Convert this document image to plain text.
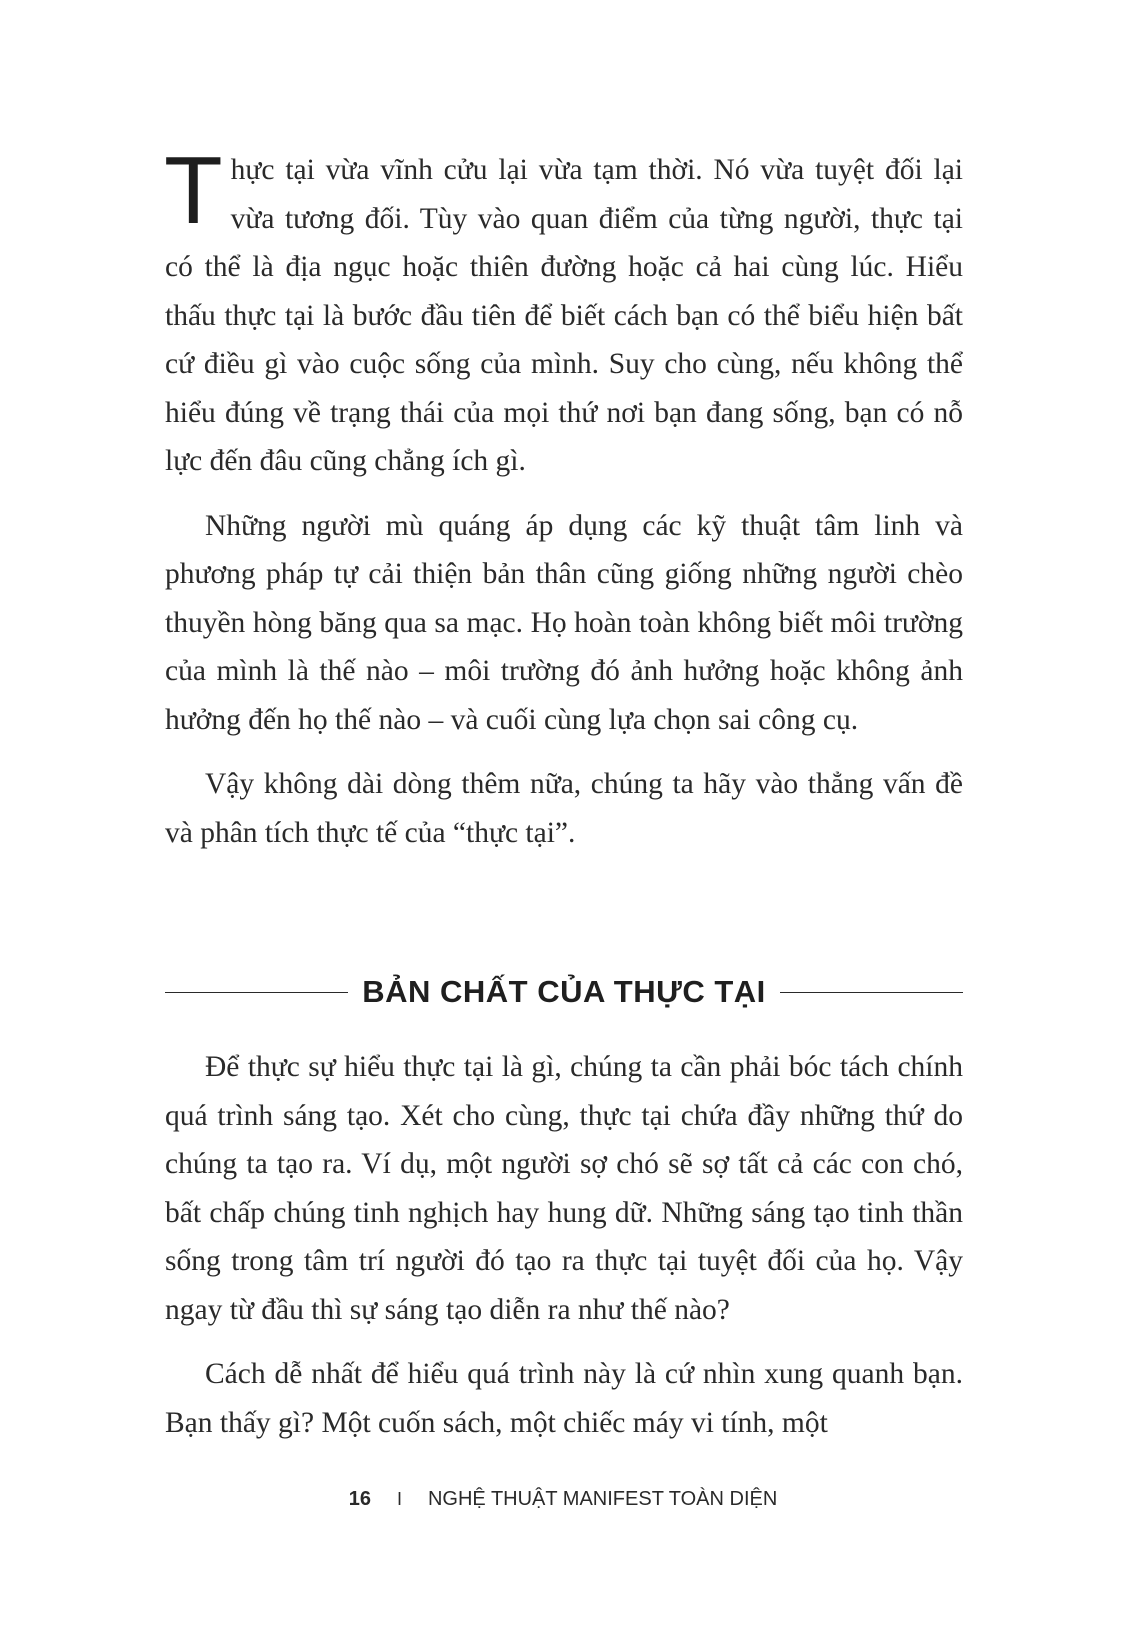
Thực tại vừa vĩnh cửu lại vừa tạm thời. Nó vừa tuyệt đối lại vừa tương đối. Tùy vào quan điểm của từng người, thực tại có thể là địa ngục hoặc thiên đường hoặc cả hai cùng lúc. Hiểu thấu thực tại là bước đầu tiên để biết cách bạn có thể biểu hiện bất cứ điều gì vào cuộc sống của mình. Suy cho cùng, nếu không thể hiểu đúng về trạng thái của mọi thứ nơi bạn đang sống, bạn có nỗ lực đến đâu cũng chẳng ích gì.

Những người mù quáng áp dụng các kỹ thuật tâm linh và phương pháp tự cải thiện bản thân cũng giống những người chèo thuyền hòng băng qua sa mạc. Họ hoàn toàn không biết môi trường của mình là thế nào – môi trường đó ảnh hưởng hoặc không ảnh hưởng đến họ thế nào – và cuối cùng lựa chọn sai công cụ.

Vậy không dài dòng thêm nữa, chúng ta hãy vào thẳng vấn đề và phân tích thực tế của “thực tại”.

BẢN CHẤT CỦA THỰC TẠI

Để thực sự hiểu thực tại là gì, chúng ta cần phải bóc tách chính quá trình sáng tạo. Xét cho cùng, thực tại chứa đầy những thứ do chúng ta tạo ra. Ví dụ, một người sợ chó sẽ sợ tất cả các con chó, bất chấp chúng tinh nghịch hay hung dữ. Những sáng tạo tinh thần sống trong tâm trí người đó tạo ra thực tại tuyệt đối của họ. Vậy ngay từ đầu thì sự sáng tạo diễn ra như thế nào?

Cách dễ nhất để hiểu quá trình này là cứ nhìn xung quanh bạn. Bạn thấy gì? Một cuốn sách, một chiếc máy vi tính, một

16 I NGHỆ THUẬT MANIFEST TOÀN DIỆN
